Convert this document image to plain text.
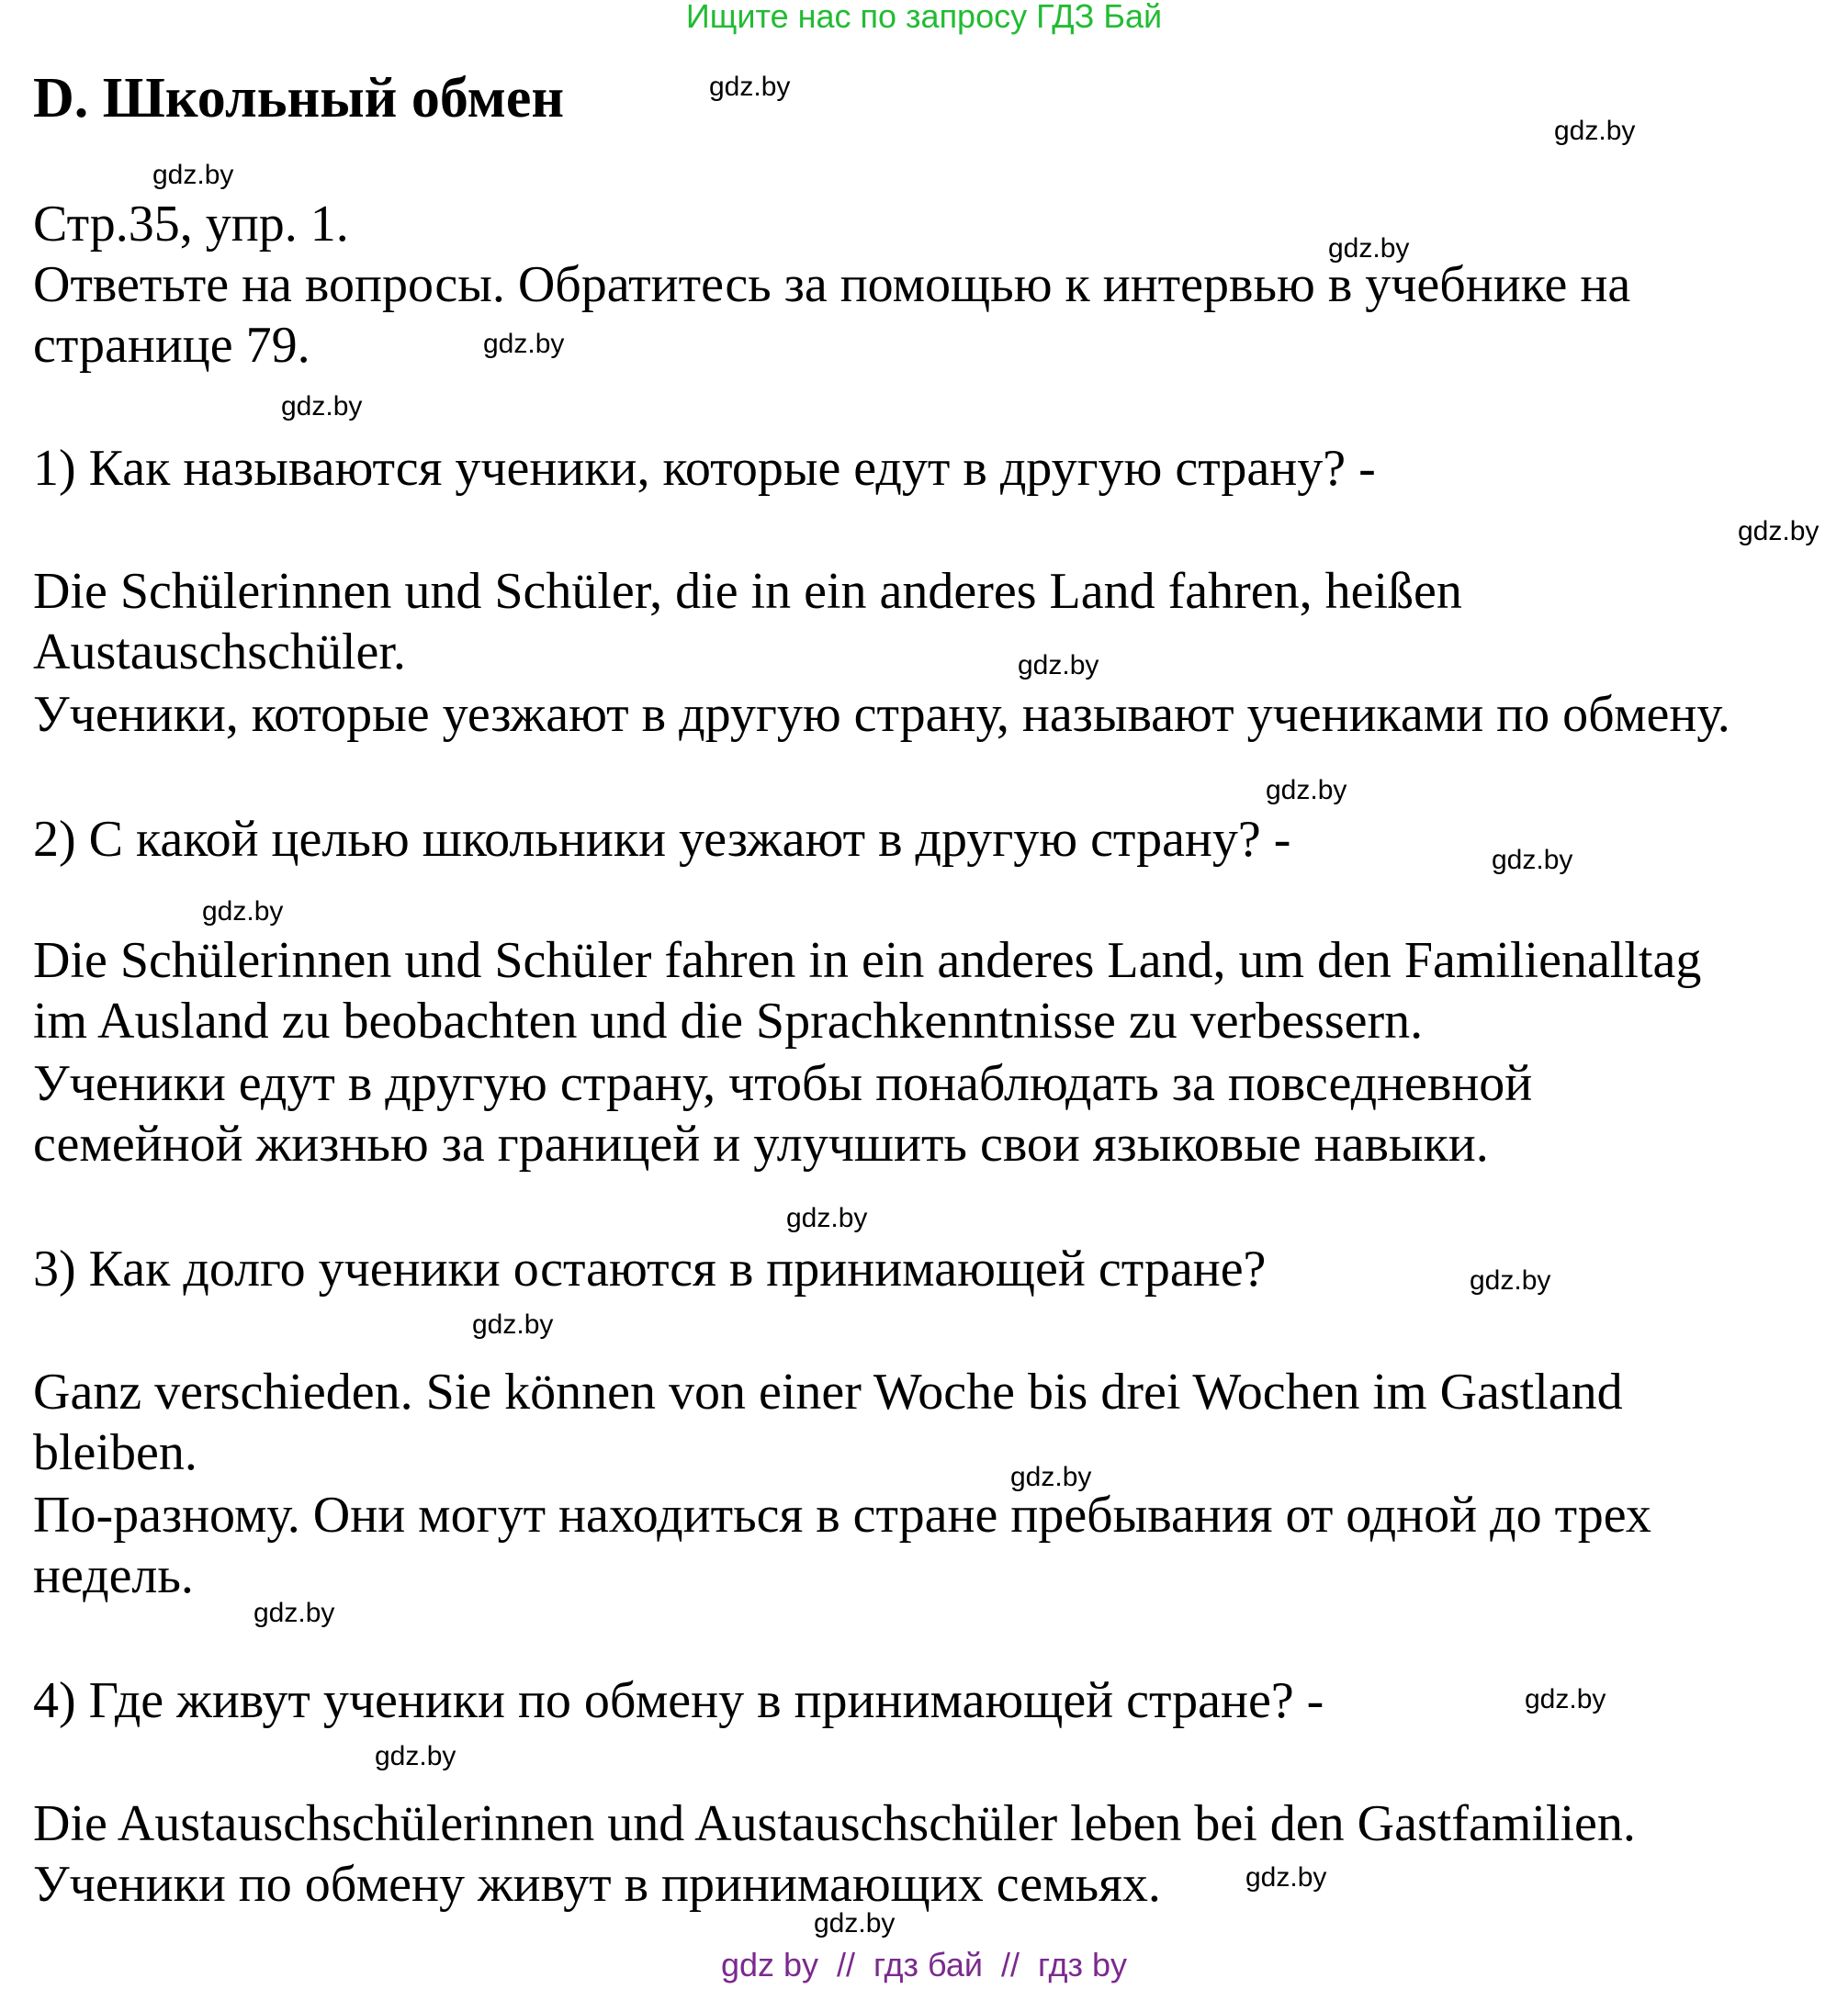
Ищите нас по запросу ГДЗ Бай
D. Школьный обмен	gdz.by
gdz.by
gdz.by
gdz.by
gdz.by
gdz.by
gdz.by
gdz.by
gdz.by
gdz.by
gdz.by
gdz.by
gdz.by
gdz.by
gdz.by
gdz.by
gdz.by
gdz.by
gdz.by
gdz.by
Стр.35, упр. 1.
Ответьте на вопросы. Обратитесь за помощью к интервью в учебнике на
странице 79.
1) Как называются ученики, которые едут в другую страну? -
Die Schülerinnen und Schüler, die in ein anderes Land fahren, heißen
Austauschschüler.
Ученики, которые уезжают в другую страну, называют учениками по обмену.
2) С какой целью школьники уезжают в другую страну? -
Die Schülerinnen und Schüler fahren in ein anderes Land, um den Familienalltag
im Ausland zu beobachten und die Sprachkenntnisse zu verbessern.
Ученики едут в другую страну, чтобы понаблюдать за повседневной
семейной жизнью за границей и улучшить свои языковые навыки.
3) Как долго ученики остаются в принимающей стране?
Ganz verschieden. Sie können von einer Woche bis drei Wochen im Gastland
bleiben.
По-разному. Они могут находиться в стране пребывания от одной до трех
недель.
4) Где живут ученики по обмену в принимающей стране? -
Die Austauschschülerinnen und Austauschschüler leben bei den Gastfamilien.
Ученики по обмену живут в принимающих семьях.
gdz by  //  гдз бай  //  гдз by
